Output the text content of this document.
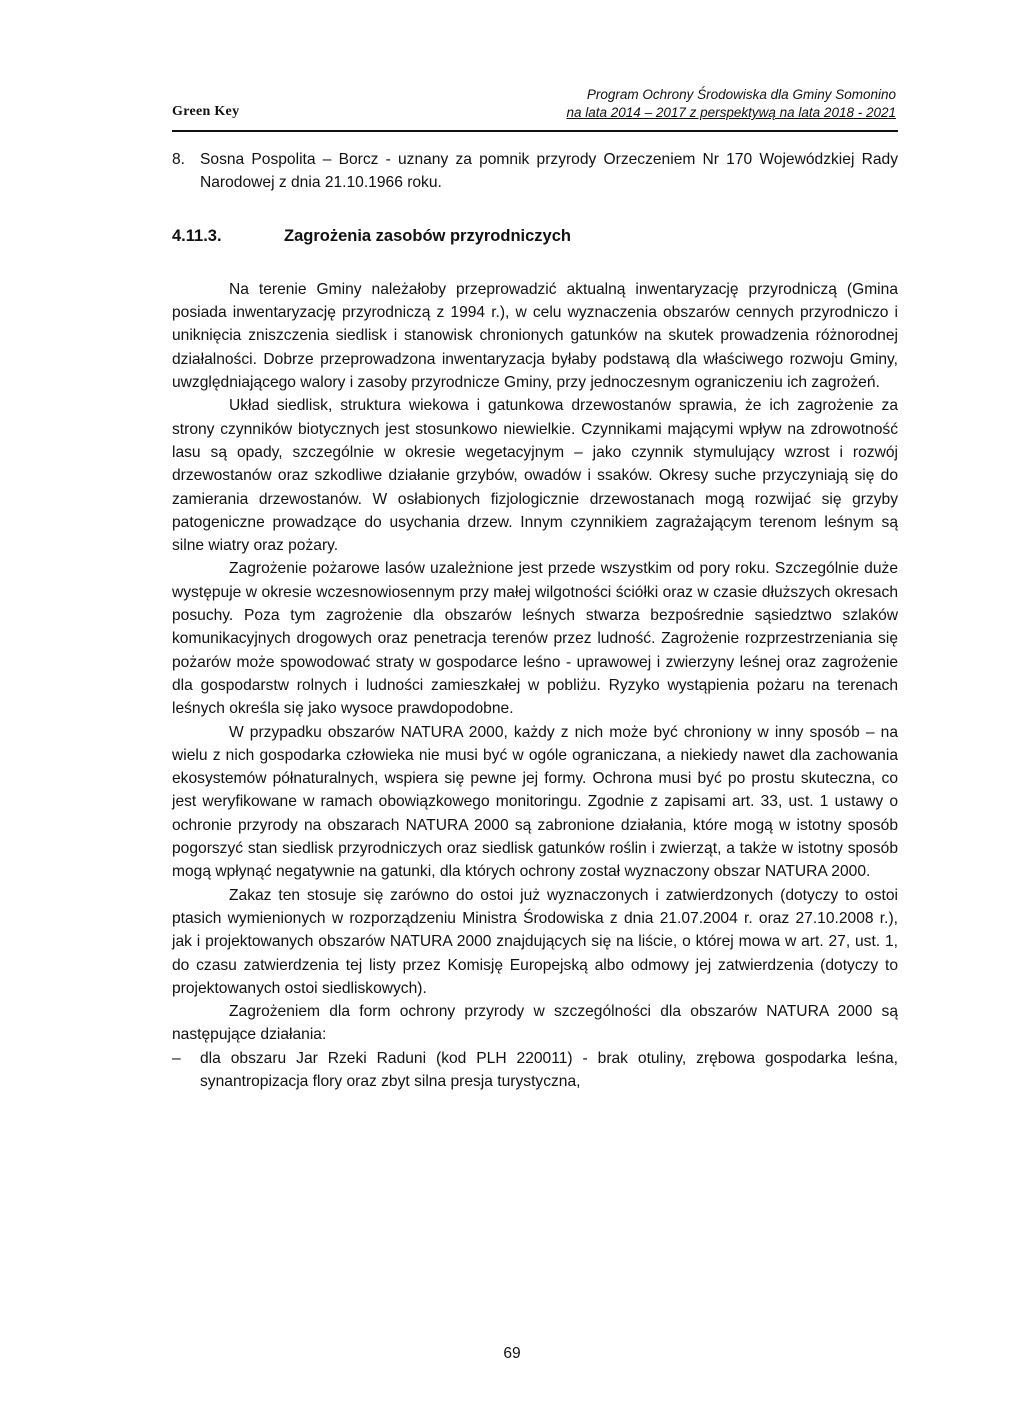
Green Key
Program Ochrony Środowiska dla Gminy Somonino
na lata 2014 – 2017 z perspektywą na lata 2018 - 2021
8. Sosna Pospolita – Borcz - uznany za pomnik przyrody Orzeczeniem Nr 170 Wojewódzkiej Rady Narodowej z dnia 21.10.1966 roku.
4.11.3.	Zagrożenia zasobów przyrodniczych

Na terenie Gminy należałoby przeprowadzić aktualną inwentaryzację przyrodniczą (Gmina posiada inwentaryzację przyrodniczą z 1994 r.), w celu wyznaczenia obszarów cennych przyrodniczo i uniknięcia zniszczenia siedlisk i stanowisk chronionych gatunków na skutek prowadzenia różnorodnej działalności. Dobrze przeprowadzona inwentaryzacja byłaby podstawą dla właściwego rozwoju Gminy, uwzględniającego walory i zasoby przyrodnicze Gminy, przy jednoczesnym ograniczeniu ich zagrożeń.

Układ siedlisk, struktura wiekowa i gatunkowa drzewostanów sprawia, że ich zagrożenie za strony czynników biotycznych jest stosunkowo niewielkie. Czynnikami mającymi wpływ na zdrowotność lasu są opady, szczególnie w okresie wegetacyjnym – jako czynnik stymulujący wzrost i rozwój drzewostanów oraz szkodliwe działanie grzybów, owadów i ssaków. Okresy suche przyczyniają się do zamierania drzewostanów. W osłabionych fizjologicznie drzewostanach mogą rozwijać się grzyby patogeniczne prowadzące do usychania drzew. Innym czynnikiem zagrażającym terenom leśnym są silne wiatry oraz pożary.

Zagrożenie pożarowe lasów uzależnione jest przede wszystkim od pory roku. Szczególnie duże występuje w okresie wczesnowiosennym przy małej wilgotności ściółki oraz w czasie dłuższych okresach posuchy. Poza tym zagrożenie dla obszarów leśnych stwarza bezpośrednie sąsiedztwo szlaków komunikacyjnych drogowych oraz penetracja terenów przez ludność. Zagrożenie rozprzestrzeniania się pożarów może spowodować straty w gospodarce leśno - uprawowej i zwierzyny leśnej oraz zagrożenie dla gospodarstw rolnych i ludności zamieszkałej w pobliżu. Ryzyko wystąpienia pożaru na terenach leśnych określa się jako wysoce prawdopodobne.

W przypadku obszarów NATURA 2000, każdy z nich może być chroniony w inny sposób – na wielu z nich gospodarka człowieka nie musi być w ogóle ograniczana, a niekiedy nawet dla zachowania ekosystemów półnaturalnych, wspiera się pewne jej formy. Ochrona musi być po prostu skuteczna, co jest weryfikowane w ramach obowiązkowego monitoringu. Zgodnie z zapisami art. 33, ust. 1 ustawy o ochronie przyrody na obszarach NATURA 2000 są zabronione działania, które mogą w istotny sposób pogorszyć stan siedlisk przyrodniczych oraz siedlisk gatunków roślin i zwierząt, a także w istotny sposób mogą wpłynąć negatywnie na gatunki, dla których ochrony został wyznaczony obszar NATURA 2000.

Zakaz ten stosuje się zarówno do ostoi już wyznaczonych i zatwierdzonych (dotyczy to ostoi ptasich wymienionych w rozporządzeniu Ministra Środowiska z dnia 21.07.2004 r. oraz 27.10.2008 r.), jak i projektowanych obszarów NATURA 2000 znajdujących się na liście, o której mowa w art. 27, ust. 1, do czasu zatwierdzenia tej listy przez Komisję Europejską albo odmowy jej zatwierdzenia (dotyczy to projektowanych ostoi siedliskowych).

Zagrożeniem dla form ochrony przyrody w szczególności dla obszarów NATURA 2000 są następujące działania:

–	dla obszaru Jar Rzeki Raduni (kod PLH 220011) - brak otuliny, zrębowa gospodarka leśna, synantropizacja flory oraz zbyt silna presja turystyczna,
69
